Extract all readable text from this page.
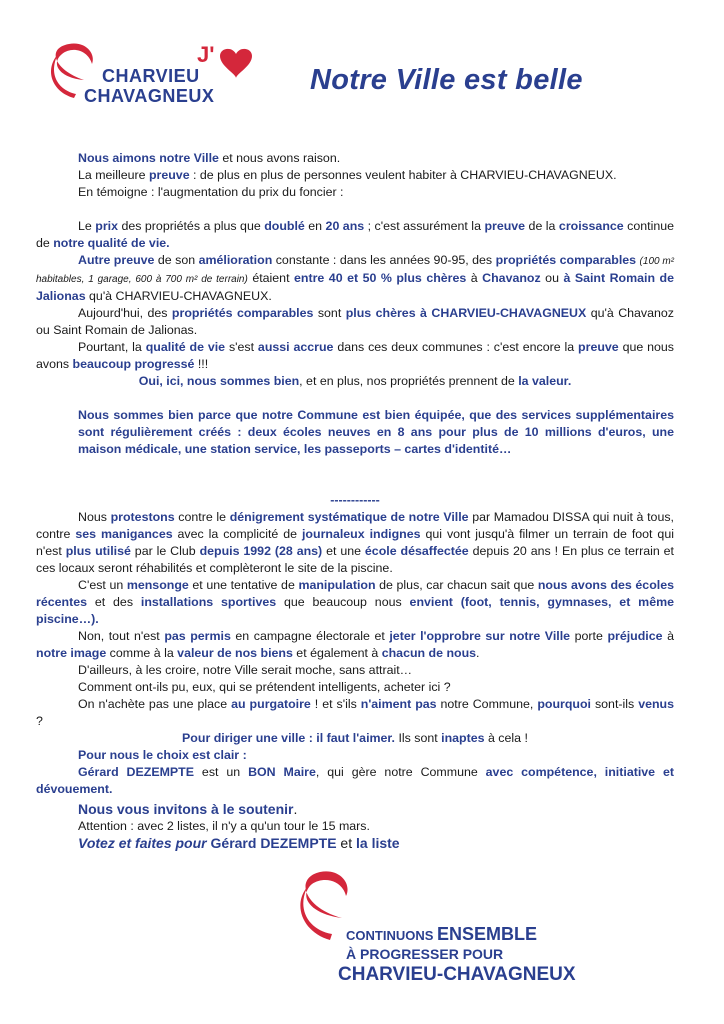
J'
CHARVIEU
CHAVAGNEUX	Notre Ville est belle

Nous aimons notre Ville et nous avons raison.

La meilleure preuve : de plus en plus de personnes veulent habiter à CHARVIEU-CHAVAGNEUX.

En témoigne : l'augmentation du prix du foncier :

Le prix des propriétés a plus que doublé en 20 ans ; c'est assurément la preuve de la croissance continue de notre qualité de vie.

Autre preuve de son amélioration constante : dans les années 90-95, des propriétés comparables (100 m² habitables, 1 garage, 600 à 700 m² de terrain) étaient entre 40 et 50 % plus chères à Chavanoz ou à Saint Romain de Jalionas qu'à CHARVIEU-CHAVAGNEUX.

Aujourd'hui, des propriétés comparables sont plus chères à CHARVIEU-CHAVAGNEUX qu'à Chavanoz ou Saint Romain de Jalionas.

Pourtant, la qualité de vie s'est aussi accrue dans ces deux communes : c'est encore la preuve que nous avons beaucoup progressé !!!

Oui, ici, nous sommes bien, et en plus, nos propriétés prennent de la valeur.

Nous sommes bien parce que notre Commune est bien équipée, que des services supplémentaires sont régulièrement créés : deux écoles neuves en 8 ans pour plus de 10 millions d'euros, une maison médicale, une station service, les passeports – cartes d'identité…

------------

Nous protestons contre le dénigrement systématique de notre Ville par Mamadou DISSA qui nuit à tous, contre ses manigances avec la complicité de journaleux indignes qui vont jusqu'à filmer un terrain de foot qui n'est plus utilisé par le Club depuis 1992 (28 ans) et une école désaffectée depuis 20 ans ! En plus ce terrain et ces locaux seront réhabilités et complèteront le site de la piscine.

C'est un mensonge et une tentative de manipulation de plus, car chacun sait que nous avons des écoles récentes et des installations sportives que beaucoup nous envient (foot, tennis, gymnases, et même piscine…).

Non, tout n'est pas permis en campagne électorale et jeter l'opprobre sur notre Ville porte préjudice à notre image comme à la valeur de nos biens et également à chacun de nous.

D'ailleurs, à les croire, notre Ville serait moche, sans attrait…

Comment ont-ils pu, eux, qui se prétendent intelligents, acheter ici ?

On n'achète pas une place au purgatoire ! et s'ils n'aiment pas notre Commune, pourquoi sont-ils venus ?

Pour diriger une ville : il faut l'aimer. Ils sont inaptes à cela !

Pour nous le choix est clair :

Gérard DEZEMPTE est un BON Maire, qui gère notre Commune avec compétence, initiative et dévouement.

Nous vous invitons à le soutenir.

Attention : avec 2 listes, il n'y a qu'un tour le 15 mars.

Votez et faites pour Gérard DEZEMPTE et la liste

CONTINUONS ENSEMBLE
À PROGRESSER POUR
CHARVIEU-CHAVAGNEUX
